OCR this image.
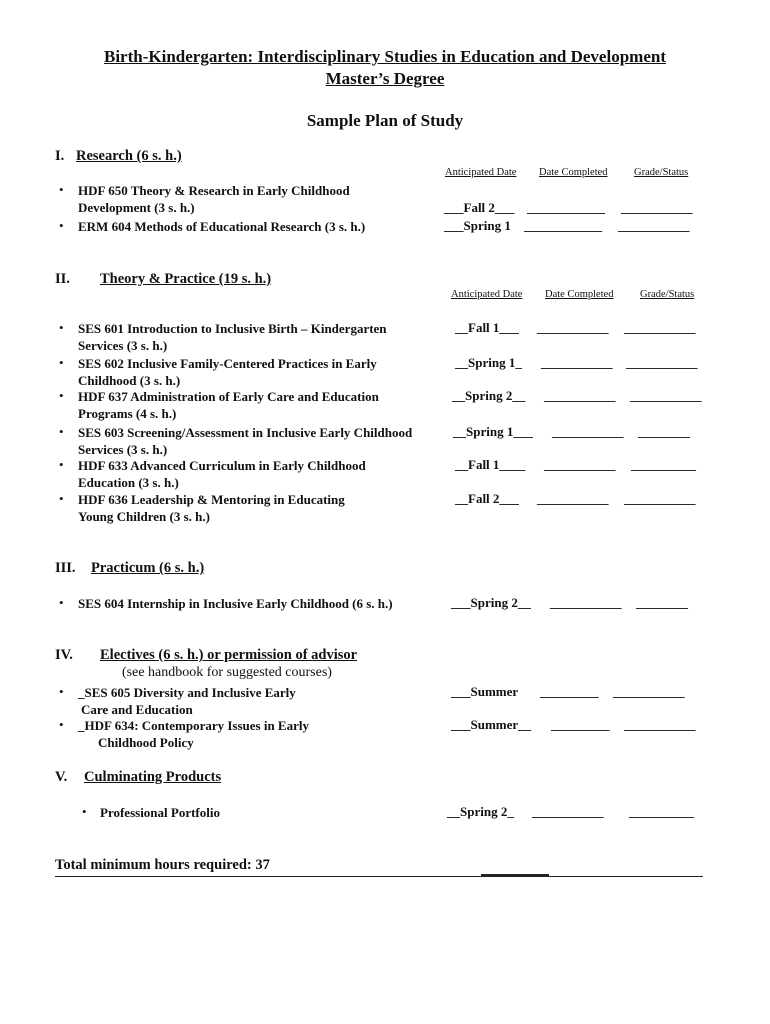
Birth-Kindergarten: Interdisciplinary Studies in Education and Development
Master’s Degree
Sample Plan of Study
I. Research (6 s. h.)
Anticipated Date Date Completed	Grade/Status
• HDF 650 Theory & Research in Early Childhood
Development (3 s. h.)	___Fall 2___ ____________ ___________
• ERM 604 Methods of Educational Research (3 s. h.)	___Spring 1 ____________ ___________
II. Theory & Practice (19 s. h.)
Anticipated Date Date Completed	Grade/Status
• SES 601 Introduction to Inclusive Birth – Kindergarten
Services (3 s. h.)
__Fall 1___ ___________ ___________
• SES 602 Inclusive Family-Centered Practices in Early
Childhood (3 s. h.)
__Spring 1_ ___________ ___________
• HDF 637 Administration of Early Care and Education
Programs (4 s. h.)
__Spring 2__ ___________ ___________
• SES 603 Screening/Assessment in Inclusive Early Childhood
Services (3 s. h.)
__Spring 1___ ___________ ________
• HDF 633 Advanced Curriculum in Early Childhood
Education (3 s. h.)
__Fall 1____ ___________ __________
• HDF 636 Leadership & Mentoring in Educating
Young Children (3 s. h.)
__Fall 2___ ___________ ___________
III. Practicum (6 s. h.)
• SES 604 Internship in Inclusive Early Childhood (6 s. h.)	___Spring 2__ ___________ ________
IV. Electives (6 s. h.) or permission of advisor
(see handbook for suggested courses)
• _SES 605 Diversity and Inclusive Early
Care and Education
___Summer _________ ___________
• _HDF 634: Contemporary Issues in Early
Childhood Policy
___Summer__ _________ ___________
V. Culminating Products
• Professional Portfolio	__Spring 2_ ___________ __________
Total minimum hours required: 37
